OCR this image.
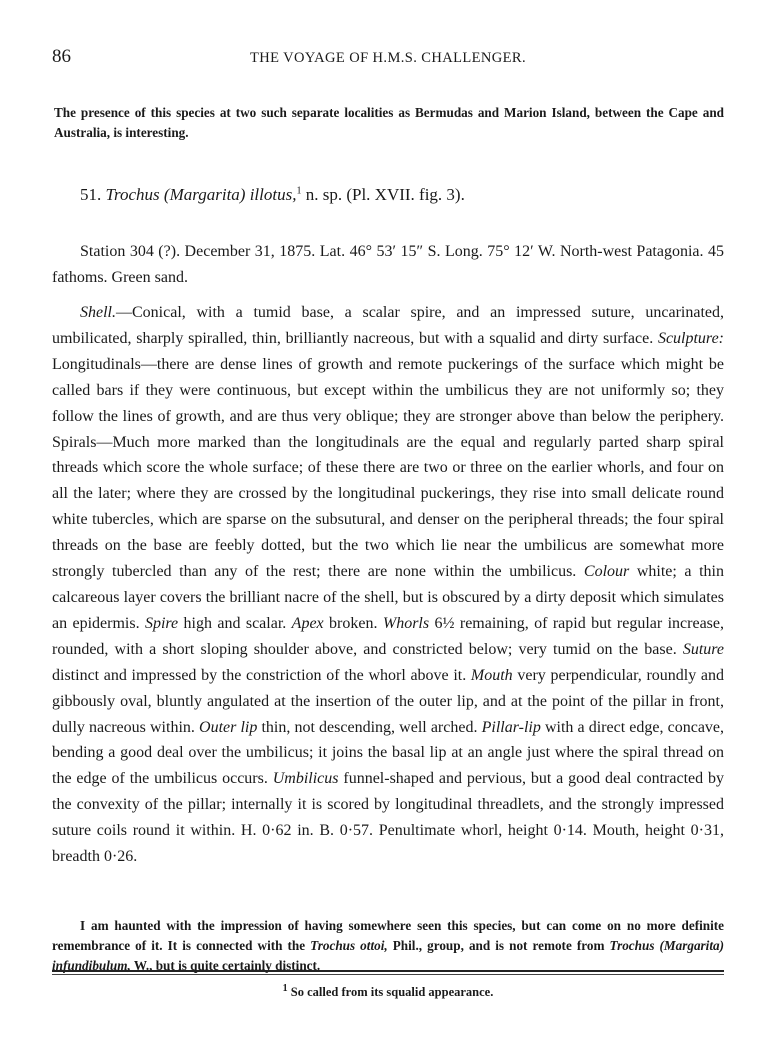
86	THE VOYAGE OF H.M.S. CHALLENGER.

The presence of this species at two such separate localities as Bermudas and Marion Island, between the Cape and Australia, is interesting.

51. Trochus (Margarita) illotus,$^1$ n. sp. (Pl. XVII. fig. 3).

Station 304 (?). December 31, 1875. Lat. 46° 53′ 15″ S. Long. 75° 12′ W. North-west Patagonia. 45 fathoms. Green sand.

Shell.—Conical, with a tumid base, a scalar spire, and an impressed suture, uncarinated, umbilicated, sharply spiralled, thin, brilliantly nacreous, but with a squalid and dirty surface. Sculpture: Longitudinals—there are dense lines of growth and remote puckerings of the surface which might be called bars if they were continuous, but except within the umbilicus they are not uniformly so; they follow the lines of growth, and are thus very oblique; they are stronger above than below the periphery. Spirals—Much more marked than the longitudinals are the equal and regularly parted sharp spiral threads which score the whole surface; of these there are two or three on the earlier whorls, and four on all the later; where they are crossed by the longitudinal puckerings, they rise into small delicate round white tubercles, which are sparse on the subsutural, and denser on the peripheral threads; the four spiral threads on the base are feebly dotted, but the two which lie near the umbilicus are somewhat more strongly tubercled than any of the rest; there are none within the umbilicus. Colour white; a thin calcareous layer covers the brilliant nacre of the shell, but is obscured by a dirty deposit which simulates an epidermis. Spire high and scalar. Apex broken. Whorls 6½ remaining, of rapid but regular increase, rounded, with a short sloping shoulder above, and constricted below; very tumid on the base. Suture distinct and impressed by the constriction of the whorl above it. Mouth very perpendicular, roundly and gibbously oval, bluntly angulated at the insertion of the outer lip, and at the point of the pillar in front, dully nacreous within. Outer lip thin, not descending, well arched. Pillar-lip with a direct edge, concave, bending a good deal over the umbilicus; it joins the basal lip at an angle just where the spiral thread on the edge of the umbilicus occurs. Umbilicus funnel-shaped and pervious, but a good deal contracted by the convexity of the pillar; internally it is scored by longitudinal threadlets, and the strongly impressed suture coils round it within. H. 0·62 in. B. 0·57. Penultimate whorl, height 0·14. Mouth, height 0·31, breadth 0·26.

I am haunted with the impression of having somewhere seen this species, but can come on no more definite remembrance of it. It is connected with the Trochus ottoi, Phil., group, and is not remote from Trochus (Margarita) infundibulum, W., but is quite certainly distinct.

$^1$ So called from its squalid appearance.
